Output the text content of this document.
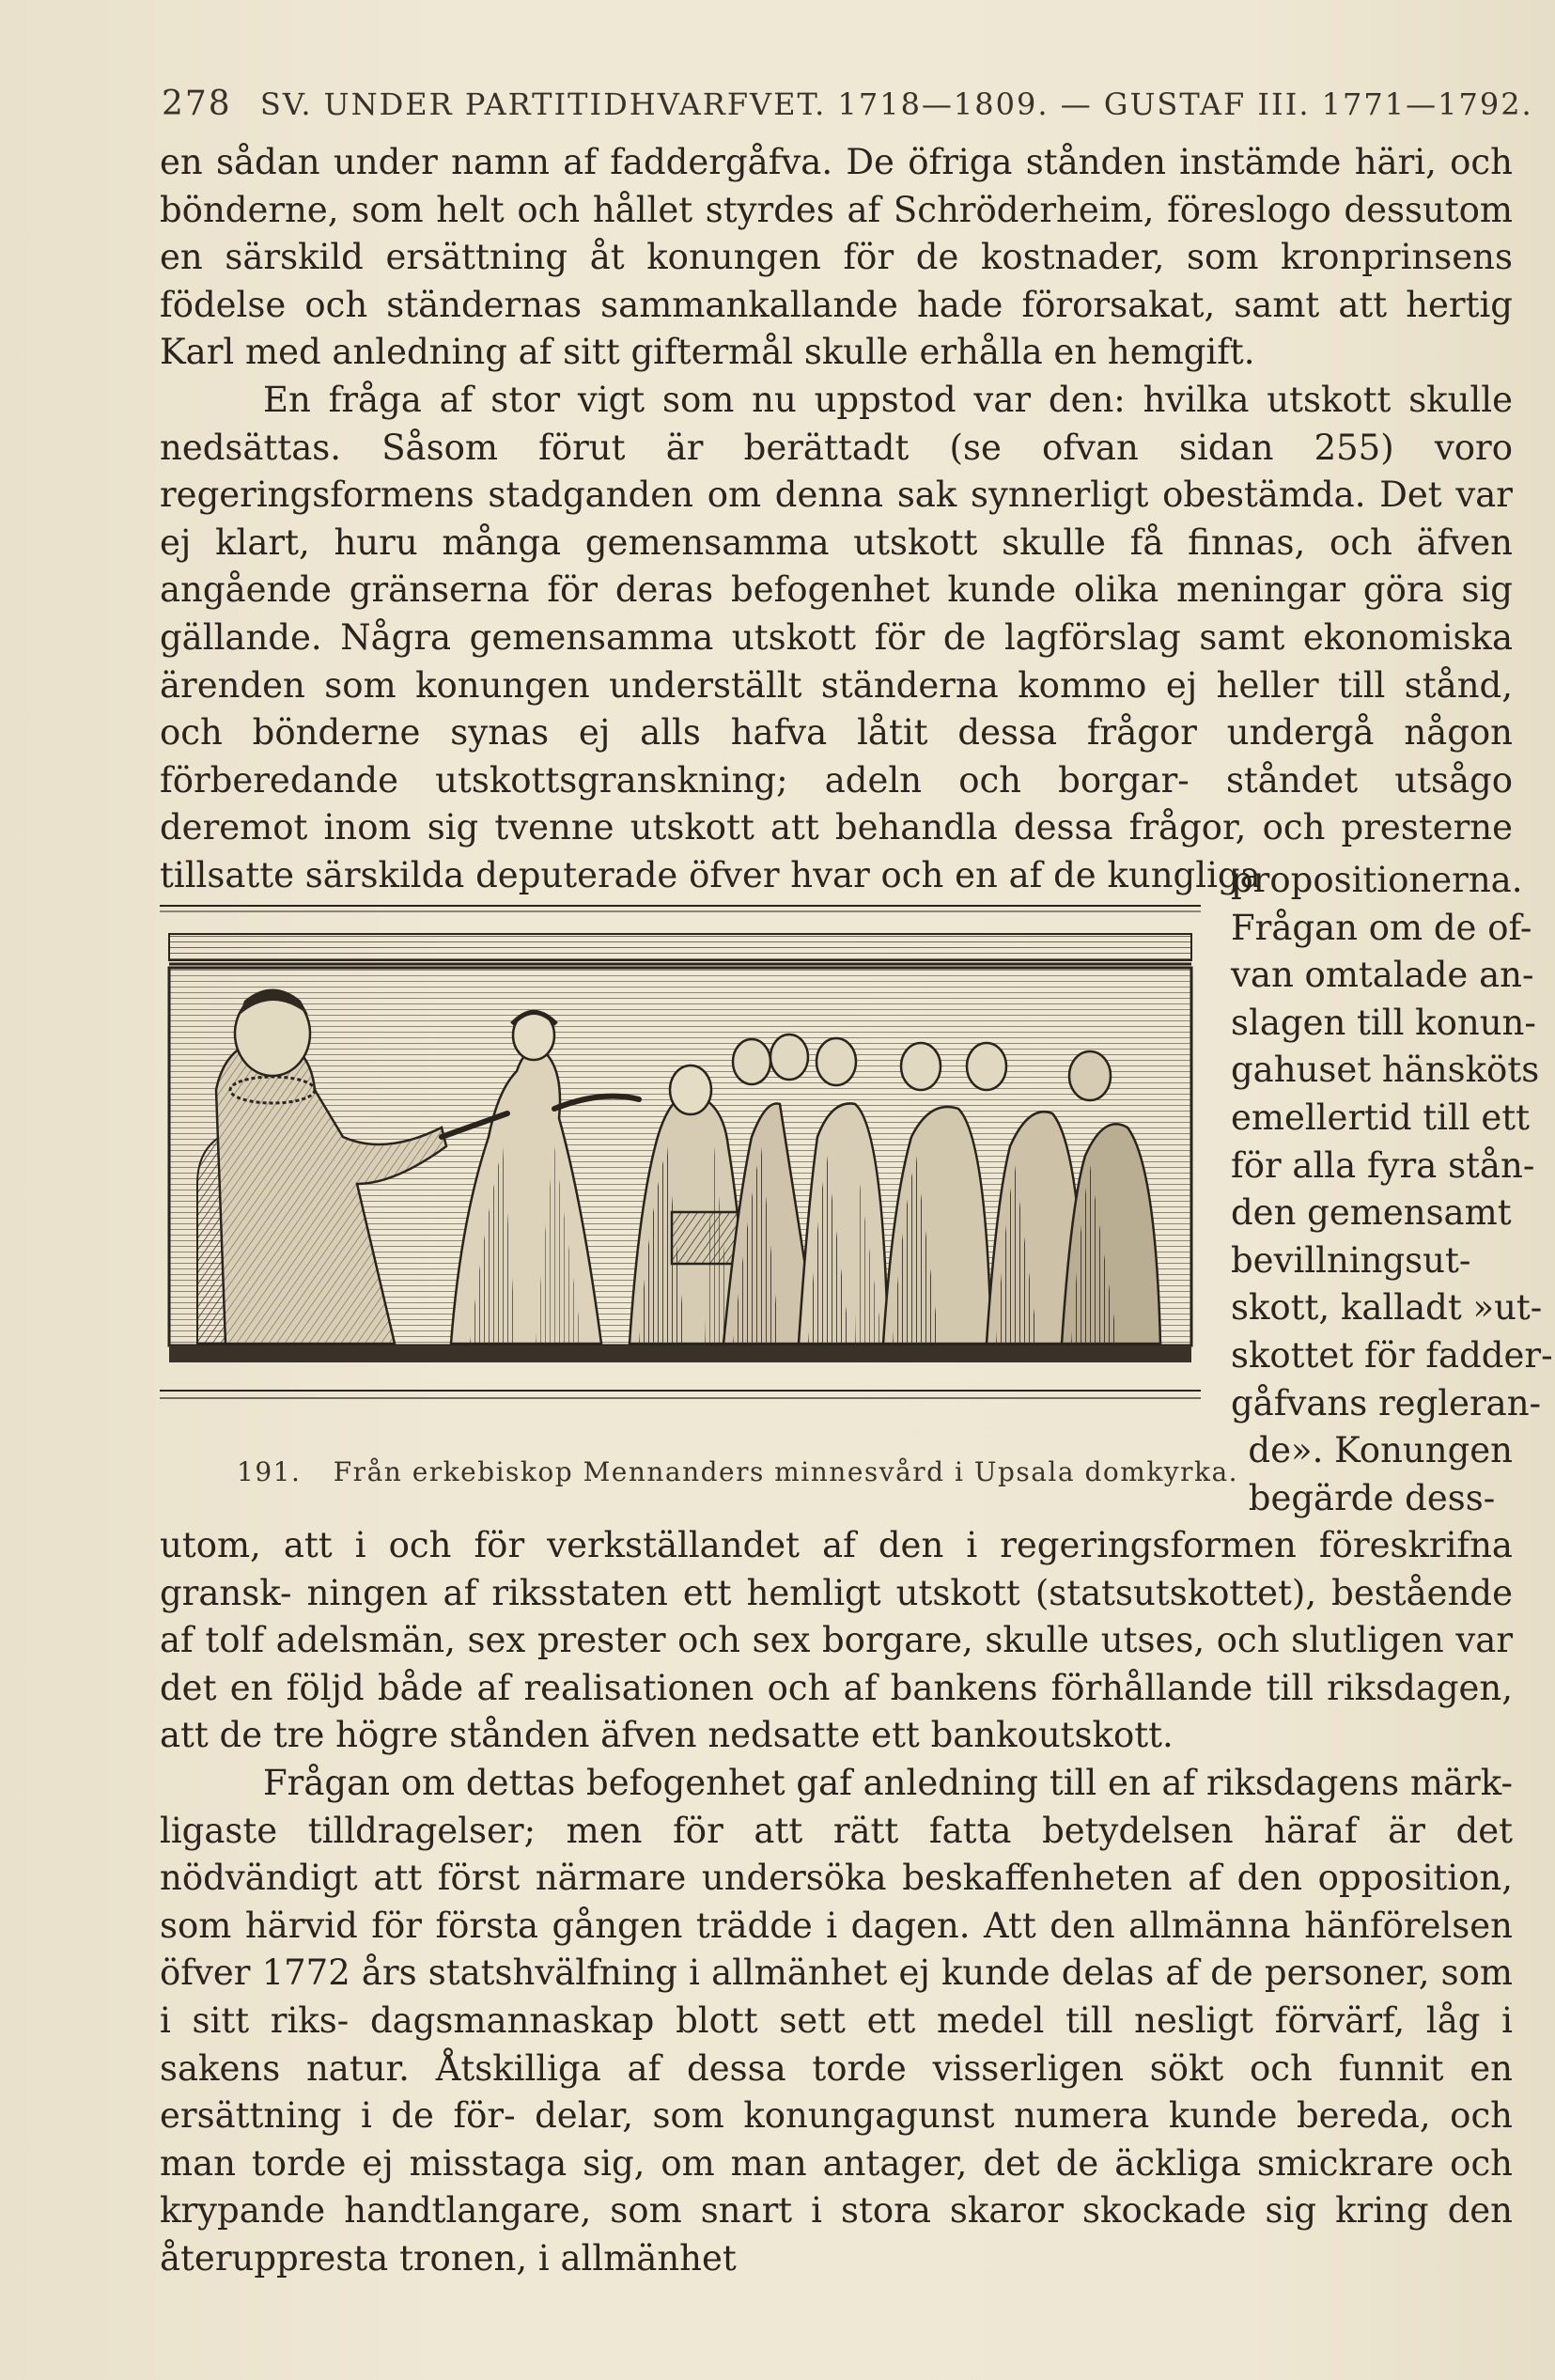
278 SV. UNDER PARTITIDHVARFVET. 1718—1809. — GUSTAF III. 1771—1792.

en sådan under namn af faddergåfva. De öfriga stånden instämde häri, och bönderne, som helt och hållet styrdes af Schröderheim, föreslogo dessutom en särskild ersättning åt konungen för de kostnader, som kronprinsens födelse och ständernas sammankallande hade förorsakat, samt att hertig Karl med anledning af sitt giftermål skulle erhålla en hemgift.

En fråga af stor vigt som nu uppstod var den: hvilka utskott skulle nedsättas. Såsom förut är berättadt (se ofvan sidan 255) voro regeringsformens stadganden om denna sak synnerligt obestämda. Det var ej klart, huru många gemensamma utskott skulle få finnas, och äfven angående gränserna för deras befogenhet kunde olika meningar göra sig gällande. Några gemensamma utskott för de lagförslag samt ekonomiska ärenden som konungen underställt ständerna kommo ej heller till stånd, och bönderne synas ej alls hafva låtit dessa frågor undergå någon förberedande utskottsgranskning; adeln och borgar- ståndet utsågo deremot inom sig tvenne utskott att behandla dessa frågor, och presterne tillsatte särskilda deputerade öfver hvar och en af de kungliga

191. Från erkebiskop Mennanders minnesvård i Upsala domkyrka.
propositionerna.
Frågan om de of-
van omtalade an-
slagen till konun-
gahuset hänsköts
emellertid till ett
för alla fyra stån-
den gemensamt
bevillningsut-
skott, kalladt »ut-
skottet för fadder-
gåfvans regleran-
de». Konungen
begärde dess-

utom, att i och för verkställandet af den i regeringsformen föreskrifna gransk- ningen af riksstaten ett hemligt utskott (statsutskottet), bestående af tolf adelsmän, sex prester och sex borgare, skulle utses, och slutligen var det en följd både af realisationen och af bankens förhållande till riksdagen, att de tre högre stånden äfven nedsatte ett bankoutskott.

Frågan om dettas befogenhet gaf anledning till en af riksdagens märk- ligaste tilldragelser; men för att rätt fatta betydelsen häraf är det nödvändigt att först närmare undersöka beskaffenheten af den opposition, som härvid för första gången trädde i dagen. Att den allmänna hänförelsen öfver 1772 års statshvälfning i allmänhet ej kunde delas af de personer, som i sitt riks- dagsmannaskap blott sett ett medel till nesligt förvärf, låg i sakens natur. Åtskilliga af dessa torde visserligen sökt och funnit en ersättning i de för- delar, som konungagunst numera kunde bereda, och man torde ej misstaga sig, om man antager, det de äckliga smickrare och krypande handtlangare, som snart i stora skaror skockade sig kring den återuppresta tronen, i allmänhet
